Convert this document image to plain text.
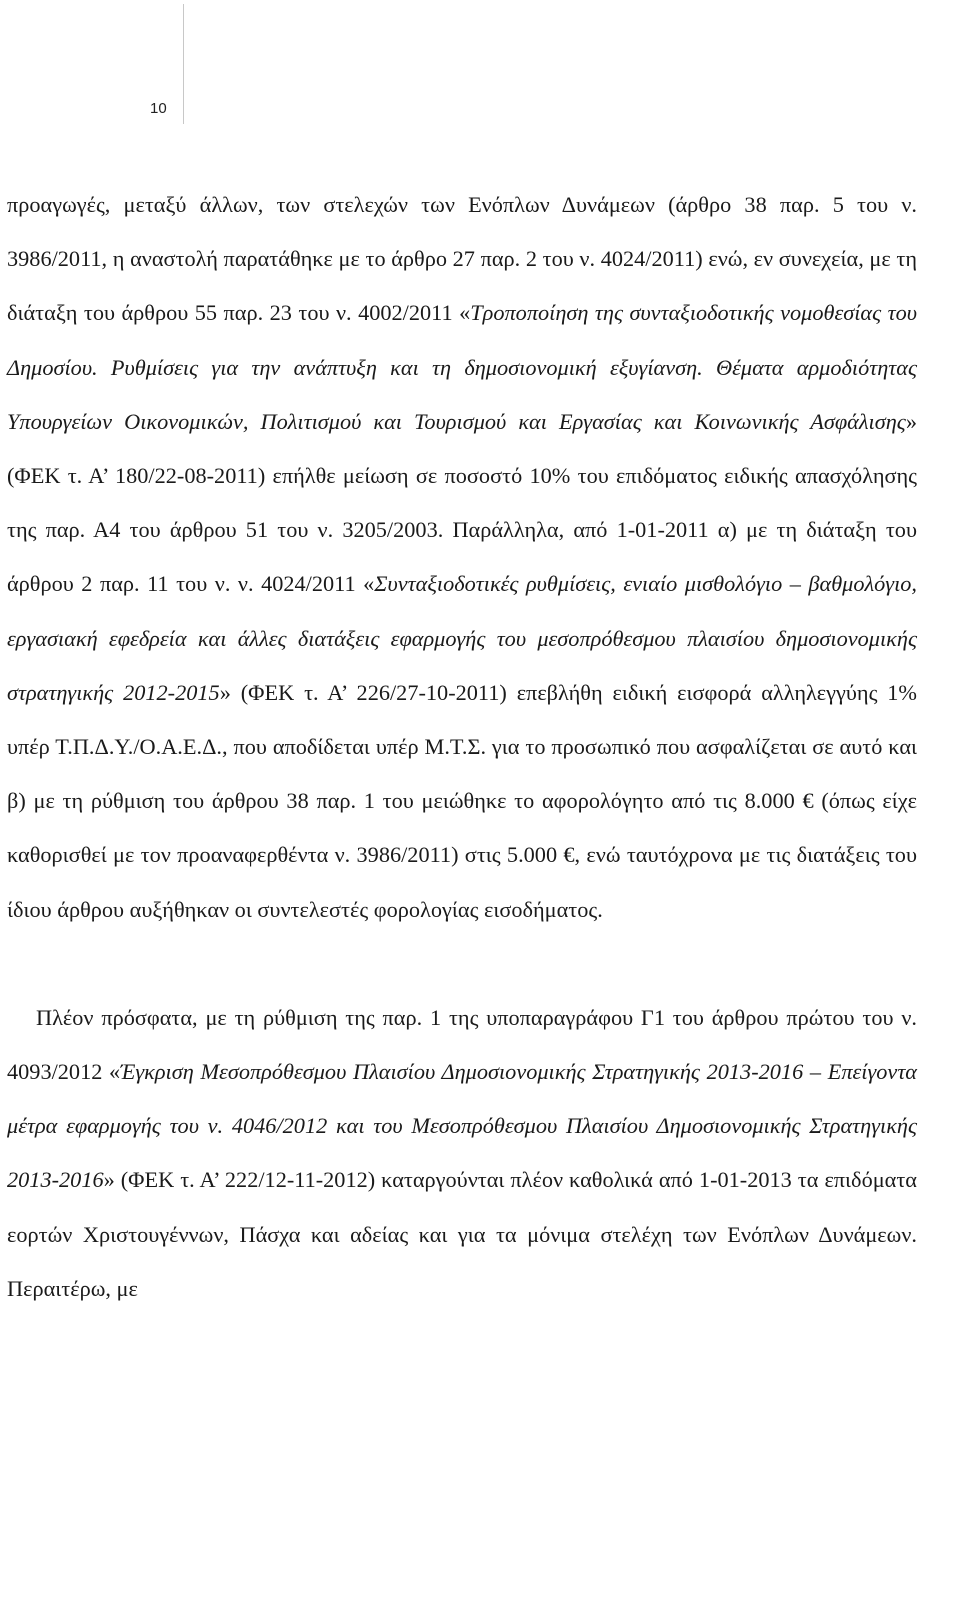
10

προαγωγές, μεταξύ άλλων, των στελεχών των Ενόπλων Δυνάμεων (άρθρο 38 παρ. 5 του ν. 3986/2011, η αναστολή παρατάθηκε με το άρθρο 27 παρ. 2 του ν. 4024/2011) ενώ, εν συνεχεία, με τη διάταξη του άρθρου 55 παρ. 23 του ν. 4002/2011 «Τροποποίηση της συνταξιοδοτικής νομοθεσίας του Δημοσίου. Ρυθμίσεις για την ανάπτυξη και τη δημοσιονομική εξυγίανση. Θέματα αρμοδιότητας Υπουργείων Οικονομικών, Πολιτισμού και Τουρισμού και Εργασίας και Κοινωνικής Ασφάλισης» (ΦΕΚ τ. Α’ 180/22-08-2011) επήλθε μείωση σε ποσοστό 10% του επιδόματος ειδικής απασχόλησης της παρ. Α4 του άρθρου 51 του ν. 3205/2003. Παράλληλα, από 1-01-2011 α) με τη διάταξη του άρθρου 2 παρ. 11 του ν. ν. 4024/2011 «Συνταξιοδοτικές ρυθμίσεις, ενιαίο μισθολόγιο – βαθμολόγιο, εργασιακή εφεδρεία και άλλες διατάξεις εφαρμογής του μεσοπρόθεσμου πλαισίου δημοσιονομικής στρατηγικής 2012-2015» (ΦΕΚ τ. Α’ 226/27-10-2011) επεβλήθη ειδική εισφορά αλληλεγγύης 1% υπέρ Τ.Π.Δ.Υ./Ο.Α.Ε.Δ., που αποδίδεται υπέρ Μ.Τ.Σ. για το προσωπικό που ασφαλίζεται σε αυτό και β) με τη ρύθμιση του άρθρου 38 παρ. 1 του μειώθηκε το αφορολόγητο από τις 8.000 € (όπως είχε καθορισθεί με τον προαναφερθέντα ν. 3986/2011) στις 5.000 €, ενώ ταυτόχρονα με τις διατάξεις του ίδιου άρθρου αυξήθηκαν οι συντελεστές φορολογίας εισοδήματος.

Πλέον πρόσφατα, με τη ρύθμιση της παρ. 1 της υποπαραγράφου Γ1 του άρθρου πρώτου του ν. 4093/2012 «Έγκριση Μεσοπρόθεσμου Πλαισίου Δημοσιονομικής Στρατηγικής 2013-2016 – Επείγοντα μέτρα εφαρμογής του ν. 4046/2012 και του Μεσοπρόθεσμου Πλαισίου Δημοσιονομικής Στρατηγικής 2013-2016» (ΦΕΚ τ. Α’ 222/12-11-2012) καταργούνται πλέον καθολικά από 1-01-2013 τα επιδόματα εορτών Χριστουγέννων, Πάσχα και αδείας και για τα μόνιμα στελέχη των Ενόπλων Δυνάμεων. Περαιτέρω, με
